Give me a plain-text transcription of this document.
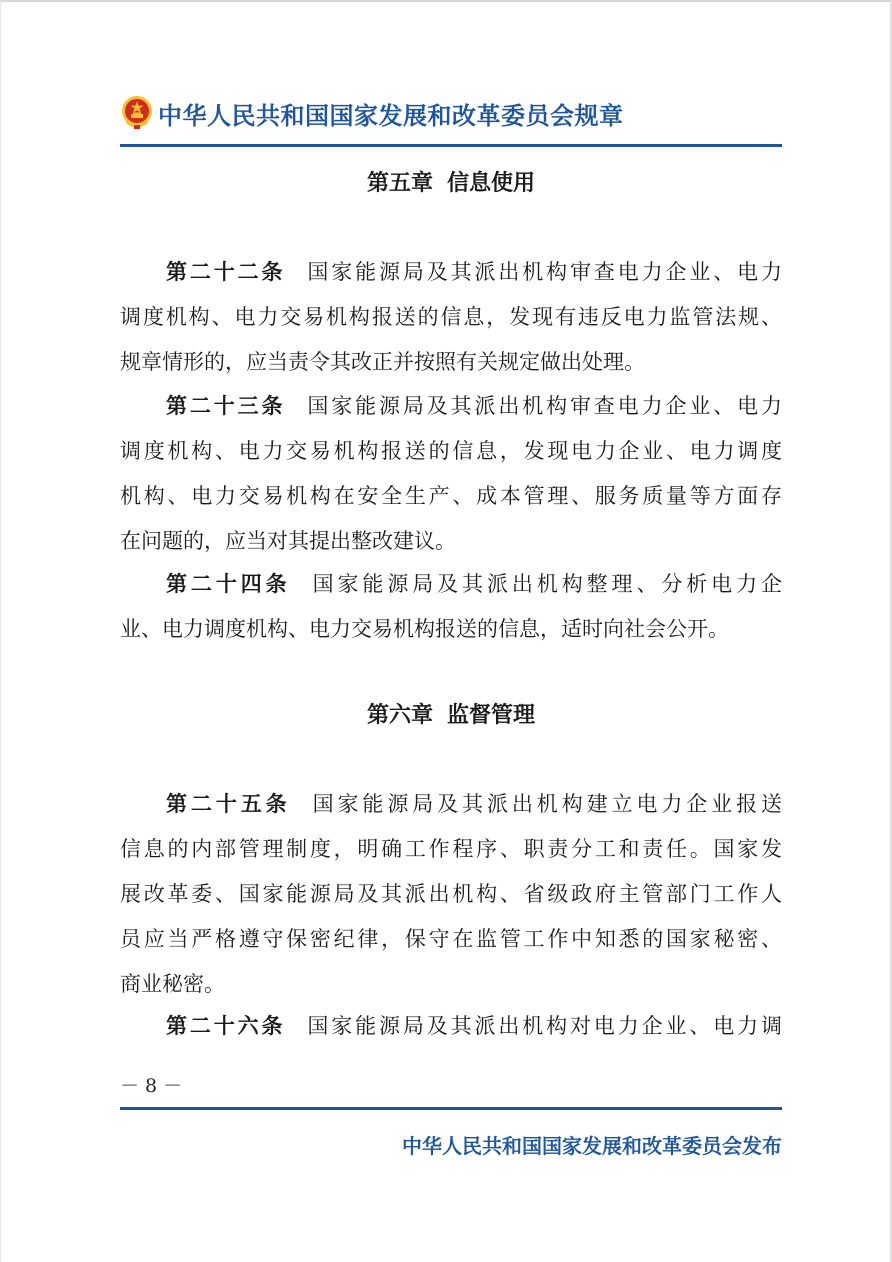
中华人民共和国国家发展和改革委员会规章
第五章 信息使用
第二十二条 国家能源局及其派出机构审查电力企业、电力
调度机构、电力交易机构报送的信息，发现有违反电力监管法规、
规章情形的，应当责令其改正并按照有关规定做出处理。
第二十三条 国家能源局及其派出机构审查电力企业、电力
调度机构、电力交易机构报送的信息，发现电力企业、电力调度
机构、电力交易机构在安全生产、成本管理、服务质量等方面存
在问题的，应当对其提出整改建议。
第二十四条 国家能源局及其派出机构整理、分析电力企
业、电力调度机构、电力交易机构报送的信息，适时向社会公开。
第六章 监督管理
第二十五条 国家能源局及其派出机构建立电力企业报送
信息的内部管理制度，明确工作程序、职责分工和责任。国家发
展改革委、国家能源局及其派出机构、省级政府主管部门工作人
员应当严格遵守保密纪律，保守在监管工作中知悉的国家秘密、
商业秘密。
第二十六条 国家能源局及其派出机构对电力企业、电力调
－ 8 －
中华人民共和国国家发展和改革委员会发布
